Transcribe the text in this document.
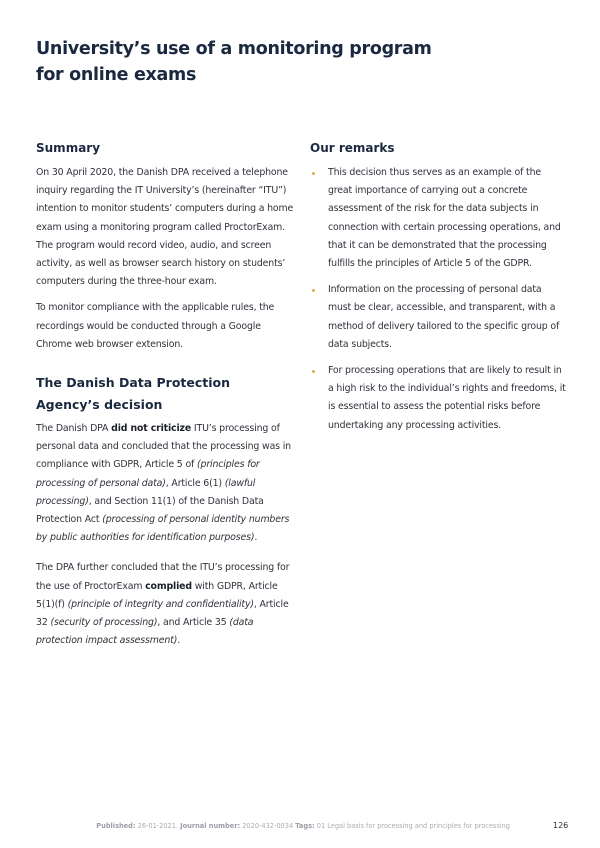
University’s use of a monitoring program for online exams
Summary

On 30 April 2020, the Danish DPA received a telephone inquiry regarding the IT University’s (hereinafter “ITU”) intention to monitor students’ computers during a home exam using a monitoring program called ProctorExam. The program would record video, audio, and screen activity, as well as browser search history on students’ computers during the three-hour exam.

To monitor compliance with the applicable rules, the recordings would be conducted through a Google Chrome web browser extension.

The Danish Data Protection Agency’s decision

The Danish DPA did not criticize ITU’s processing of personal data and concluded that the processing was in compliance with GDPR, Article 5 of (principles for processing of personal data), Article 6(1) (lawful processing), and Section 11(1) of the Danish Data Protection Act (processing of personal identity numbers by public authorities for identification purposes).

The DPA further concluded that the ITU’s processing for the use of ProctorExam complied with GDPR, Article 5(1)(f) (principle of integrity and confidentiality), Article 32 (security of processing), and Article 35 (data protection impact assessment).

Our remarks
This decision thus serves as an example of the great importance of carrying out a concrete assessment of the risk for the data subjects in connection with certain processing operations, and that it can be demonstrated that the processing fulfills the principles of Article 5 of the GDPR.
Information on the processing of personal data must be clear, accessible, and transparent, with a method of delivery tailored to the specific group of data subjects.
For processing operations that are likely to result in a high risk to the individual’s rights and freedoms, it is essential to assess the potential risks before undertaking any processing activities.
Published: 26-01-2021. Journal number: 2020-432-0034 Tags: 01 Legal basis for processing and principles for processing	126
